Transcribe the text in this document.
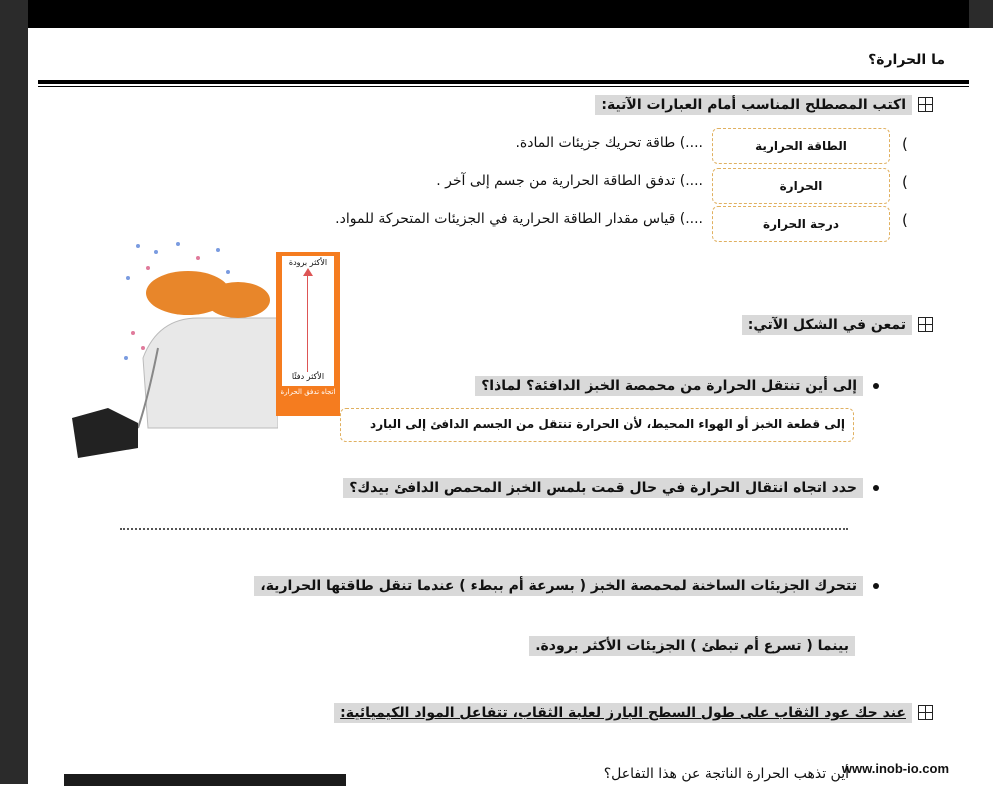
ما الحرارة؟
اكتب المصطلح المناسب أمام العبارات الآتية:
(
الطاقة الحرارية
....) طاقة تحريك جزيئات المادة.
(
الحرارة
....) تدفق الطاقة الحرارية من جسم إلى آخر .
(
درجة الحرارة
....) قياس مقدار الطاقة الحرارية في الجزيئات المتحركة للمواد.
الأكثر برودة
الأكثر دفئًا
اتجاه تدفق الحرارة
تمعن في الشكل الآتي:
إلى أين تنتقل الحرارة من محمصة الخبز الدافئة؟ لماذا؟
إلى قطعة الخبز أو الهواء المحيط، لأن الحرارة تنتقل من الجسم الدافئ إلى البارد
حدد اتجاه انتقال الحرارة في حال قمت بلمس الخبز المحمص الدافئ بيدك؟
تتحرك الجزيئات الساخنة لمحمصة الخبز ( بسرعة أم ببطء ) عندما تنقل طاقتها الحرارية،
بينما ( تسرع أم تبطئ ) الجزيئات الأكثر برودة.
عند حك عود الثقاب على طول السطح البارز لعلبة الثقاب، تتفاعل المواد الكيميائية:
أين تذهب الحرارة الناتجة عن هذا التفاعل؟
www.inob-io.com
